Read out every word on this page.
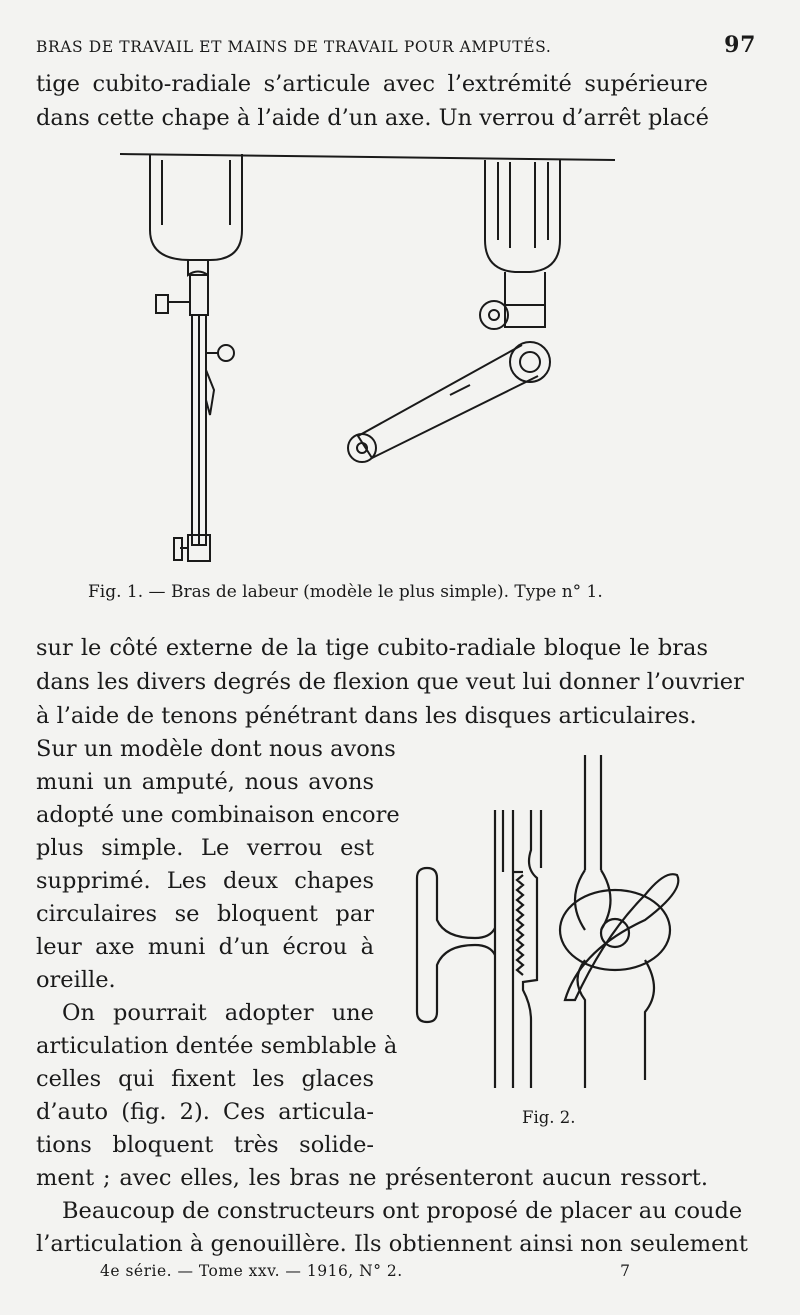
BRAS DE TRAVAIL ET MAINS DE TRAVAIL POUR AMPUTÉS.	97
tige cubito-radiale s’articule avec l’extrémité supérieure
dans cette chape à l’aide d’un axe. Un verrou d’arrêt placé
Fig. 1. — Bras de labeur (modèle le plus simple). Type n° 1.
sur le côté externe de la tige cubito-radiale bloque le bras
dans les divers degrés de flexion que veut lui donner l’ouvrier
à l’aide de tenons pénétrant dans les disques articulaires.
Sur un modèle dont nous avons
muni un amputé, nous avons
adopté une combinaison encore
plus simple. Le verrou est
supprimé. Les deux chapes
circulaires se bloquent par
leur axe muni d’un écrou à
oreille.
On pourrait adopter une
articulation dentée semblable à
celles qui fixent les glaces
d’auto (fig. 2). Ces articula-
tions bloquent très solide-
Fig. 2.
ment ; avec elles, les bras ne présenteront aucun ressort.
Beaucoup de constructeurs ont proposé de placer au coude
l’articulation à genouillère. Ils obtiennent ainsi non seulement
4e série. — Tome xxv. — 1916, N° 2.	7
